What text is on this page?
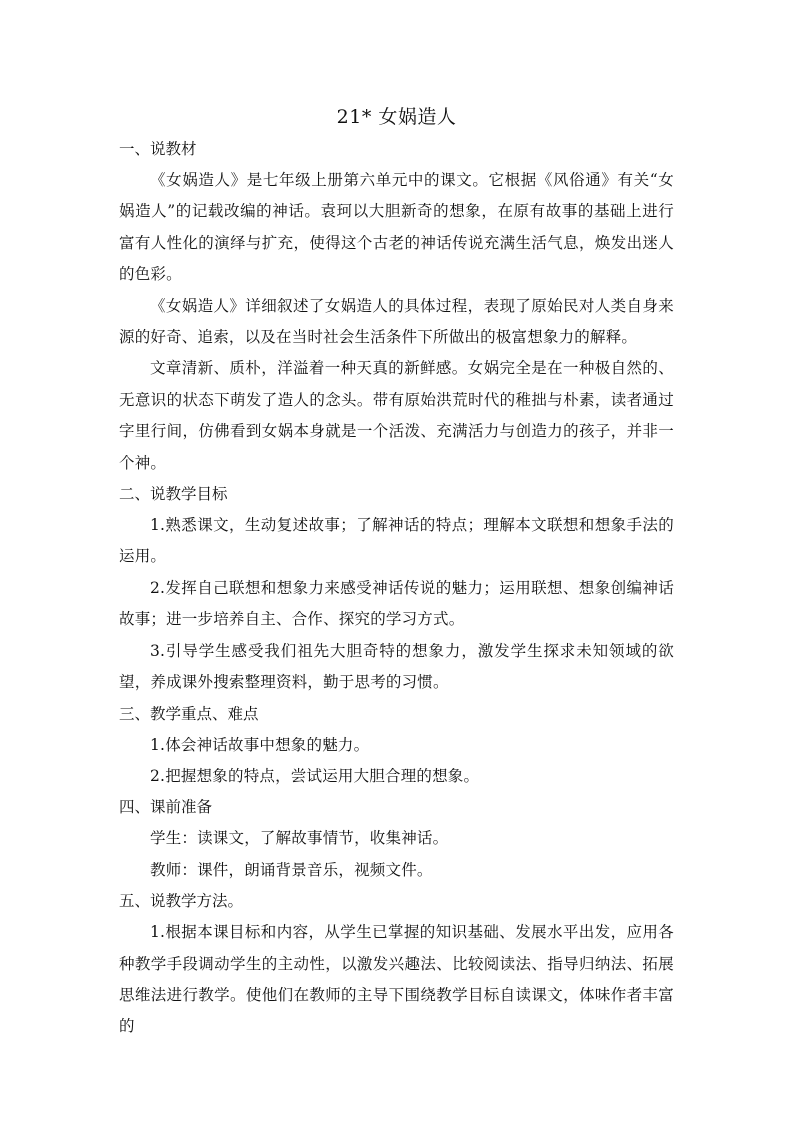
21* 女娲造人
一、说教材

《女娲造人》是七年级上册第六单元中的课文。它根据《风俗通》有关“女娲造人”的记载改编的神话。袁珂以大胆新奇的想象，在原有故事的基础上进行富有人性化的演绎与扩充，使得这个古老的神话传说充满生活气息，焕发出迷人的色彩。

《女娲造人》详细叙述了女娲造人的具体过程，表现了原始民对人类自身来源的好奇、追索，以及在当时社会生活条件下所做出的极富想象力的解释。

文章清新、质朴，洋溢着一种天真的新鲜感。女娲完全是在一种极自然的、无意识的状态下萌发了造人的念头。带有原始洪荒时代的稚拙与朴素，读者通过字里行间，仿佛看到女娲本身就是一个活泼、充满活力与创造力的孩子，并非一个神。

二、说教学目标

1.熟悉课文，生动复述故事；了解神话的特点；理解本文联想和想象手法的运用。

2.发挥自己联想和想象力来感受神话传说的魅力；运用联想、想象创编神话故事；进一步培养自主、合作、探究的学习方式。

3.引导学生感受我们祖先大胆奇特的想象力，激发学生探求未知领域的欲望，养成课外搜索整理资料，勤于思考的习惯。

三、教学重点、难点

1.体会神话故事中想象的魅力。

2.把握想象的特点，尝试运用大胆合理的想象。

四、课前准备

学生：读课文，了解故事情节，收集神话。

教师：课件，朗诵背景音乐，视频文件。

五、说教学方法。

1.根据本课目标和内容，从学生已掌握的知识基础、发展水平出发，应用各种教学手段调动学生的主动性，以激发兴趣法、比较阅读法、指导归纳法、拓展思维法进行教学。使他们在教师的主导下围绕教学目标自读课文，体味作者丰富的
